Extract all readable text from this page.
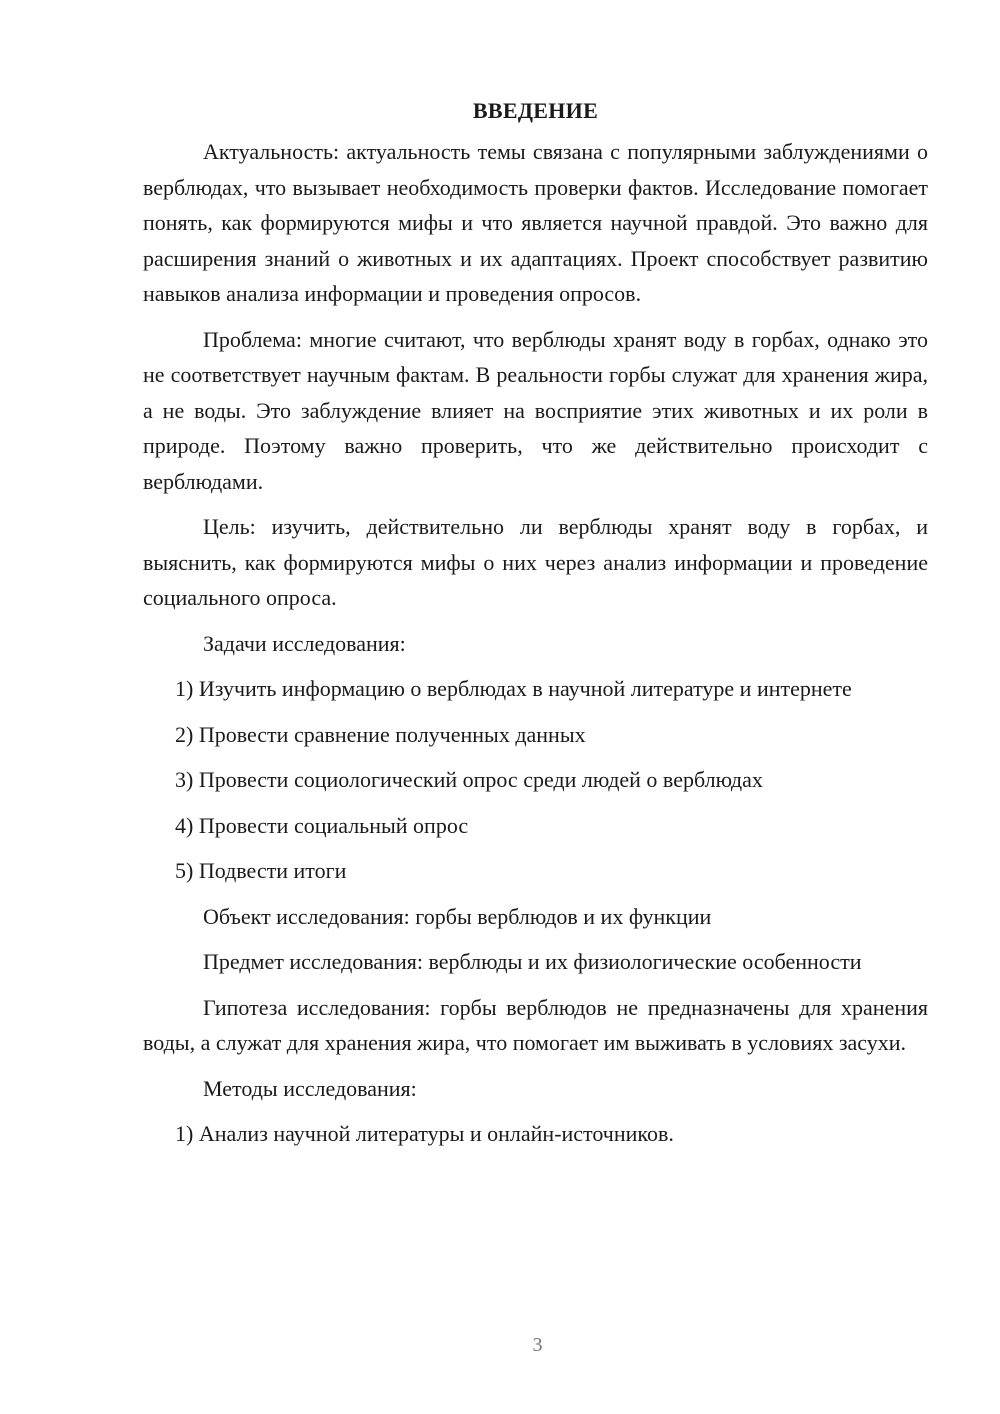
ВВЕДЕНИЕ

Актуальность: актуальность темы связана с популярными заблуждениями о верблюдах, что вызывает необходимость проверки фактов. Исследование помогает понять, как формируются мифы и что является научной правдой. Это важно для расширения знаний о животных и их адаптациях. Проект способствует развитию навыков анализа информации и проведения опросов.

Проблема: многие считают, что верблюды хранят воду в горбах, однако это не соответствует научным фактам. В реальности горбы служат для хранения жира, а не воды. Это заблуждение влияет на восприятие этих животных и их роли в природе. Поэтому важно проверить, что же действительно происходит с верблюдами.

Цель: изучить, действительно ли верблюды хранят воду в горбах, и выяснить, как формируются мифы о них через анализ информации и проведение социального опроса.

Задачи исследования:

1) Изучить информацию о верблюдах в научной литературе и интернете

2) Провести сравнение полученных данных

3) Провести социологический опрос среди людей о верблюдах

4) Провести социальный опрос

5) Подвести итоги

Объект исследования: горбы верблюдов и их функции

Предмет исследования: верблюды и их физиологические особенности

Гипотеза исследования: горбы верблюдов не предназначены для хранения воды, а служат для хранения жира, что помогает им выживать в условиях засухи.

Методы исследования:

1) Анализ научной литературы и онлайн-источников.

3
